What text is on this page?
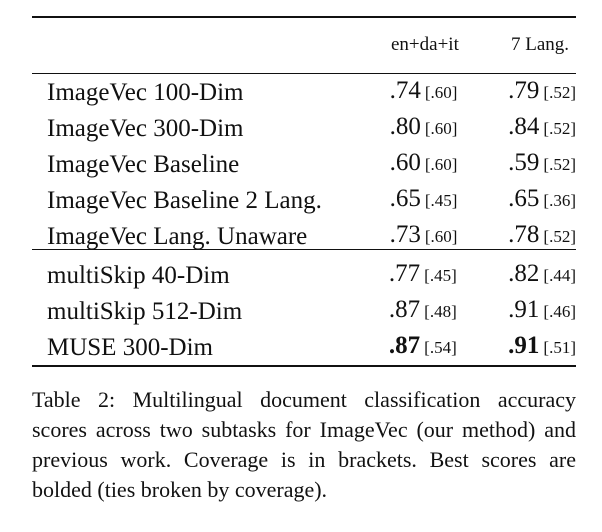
	en+da+it	7 Lang.
ImageVec 100-Dim	.74 [.60]	.79 [.52]
ImageVec 300-Dim	.80 [.60]	.84 [.52]
ImageVec Baseline	.60 [.60]	.59 [.52]
ImageVec Baseline 2 Lang.	.65 [.45]	.65 [.36]
ImageVec Lang. Unaware	.73 [.60]	.78 [.52]
multiSkip 40-Dim	.77 [.45]	.82 [.44]
multiSkip 512-Dim	.87 [.48]	.91 [.46]
MUSE 300-Dim	.87 [.54]	.91 [.51]
Table 2: Multilingual document classification accuracy scores across two subtasks for ImageVec (our method) and previous work. Coverage is in brackets. Best scores are bolded (ties broken by coverage).
